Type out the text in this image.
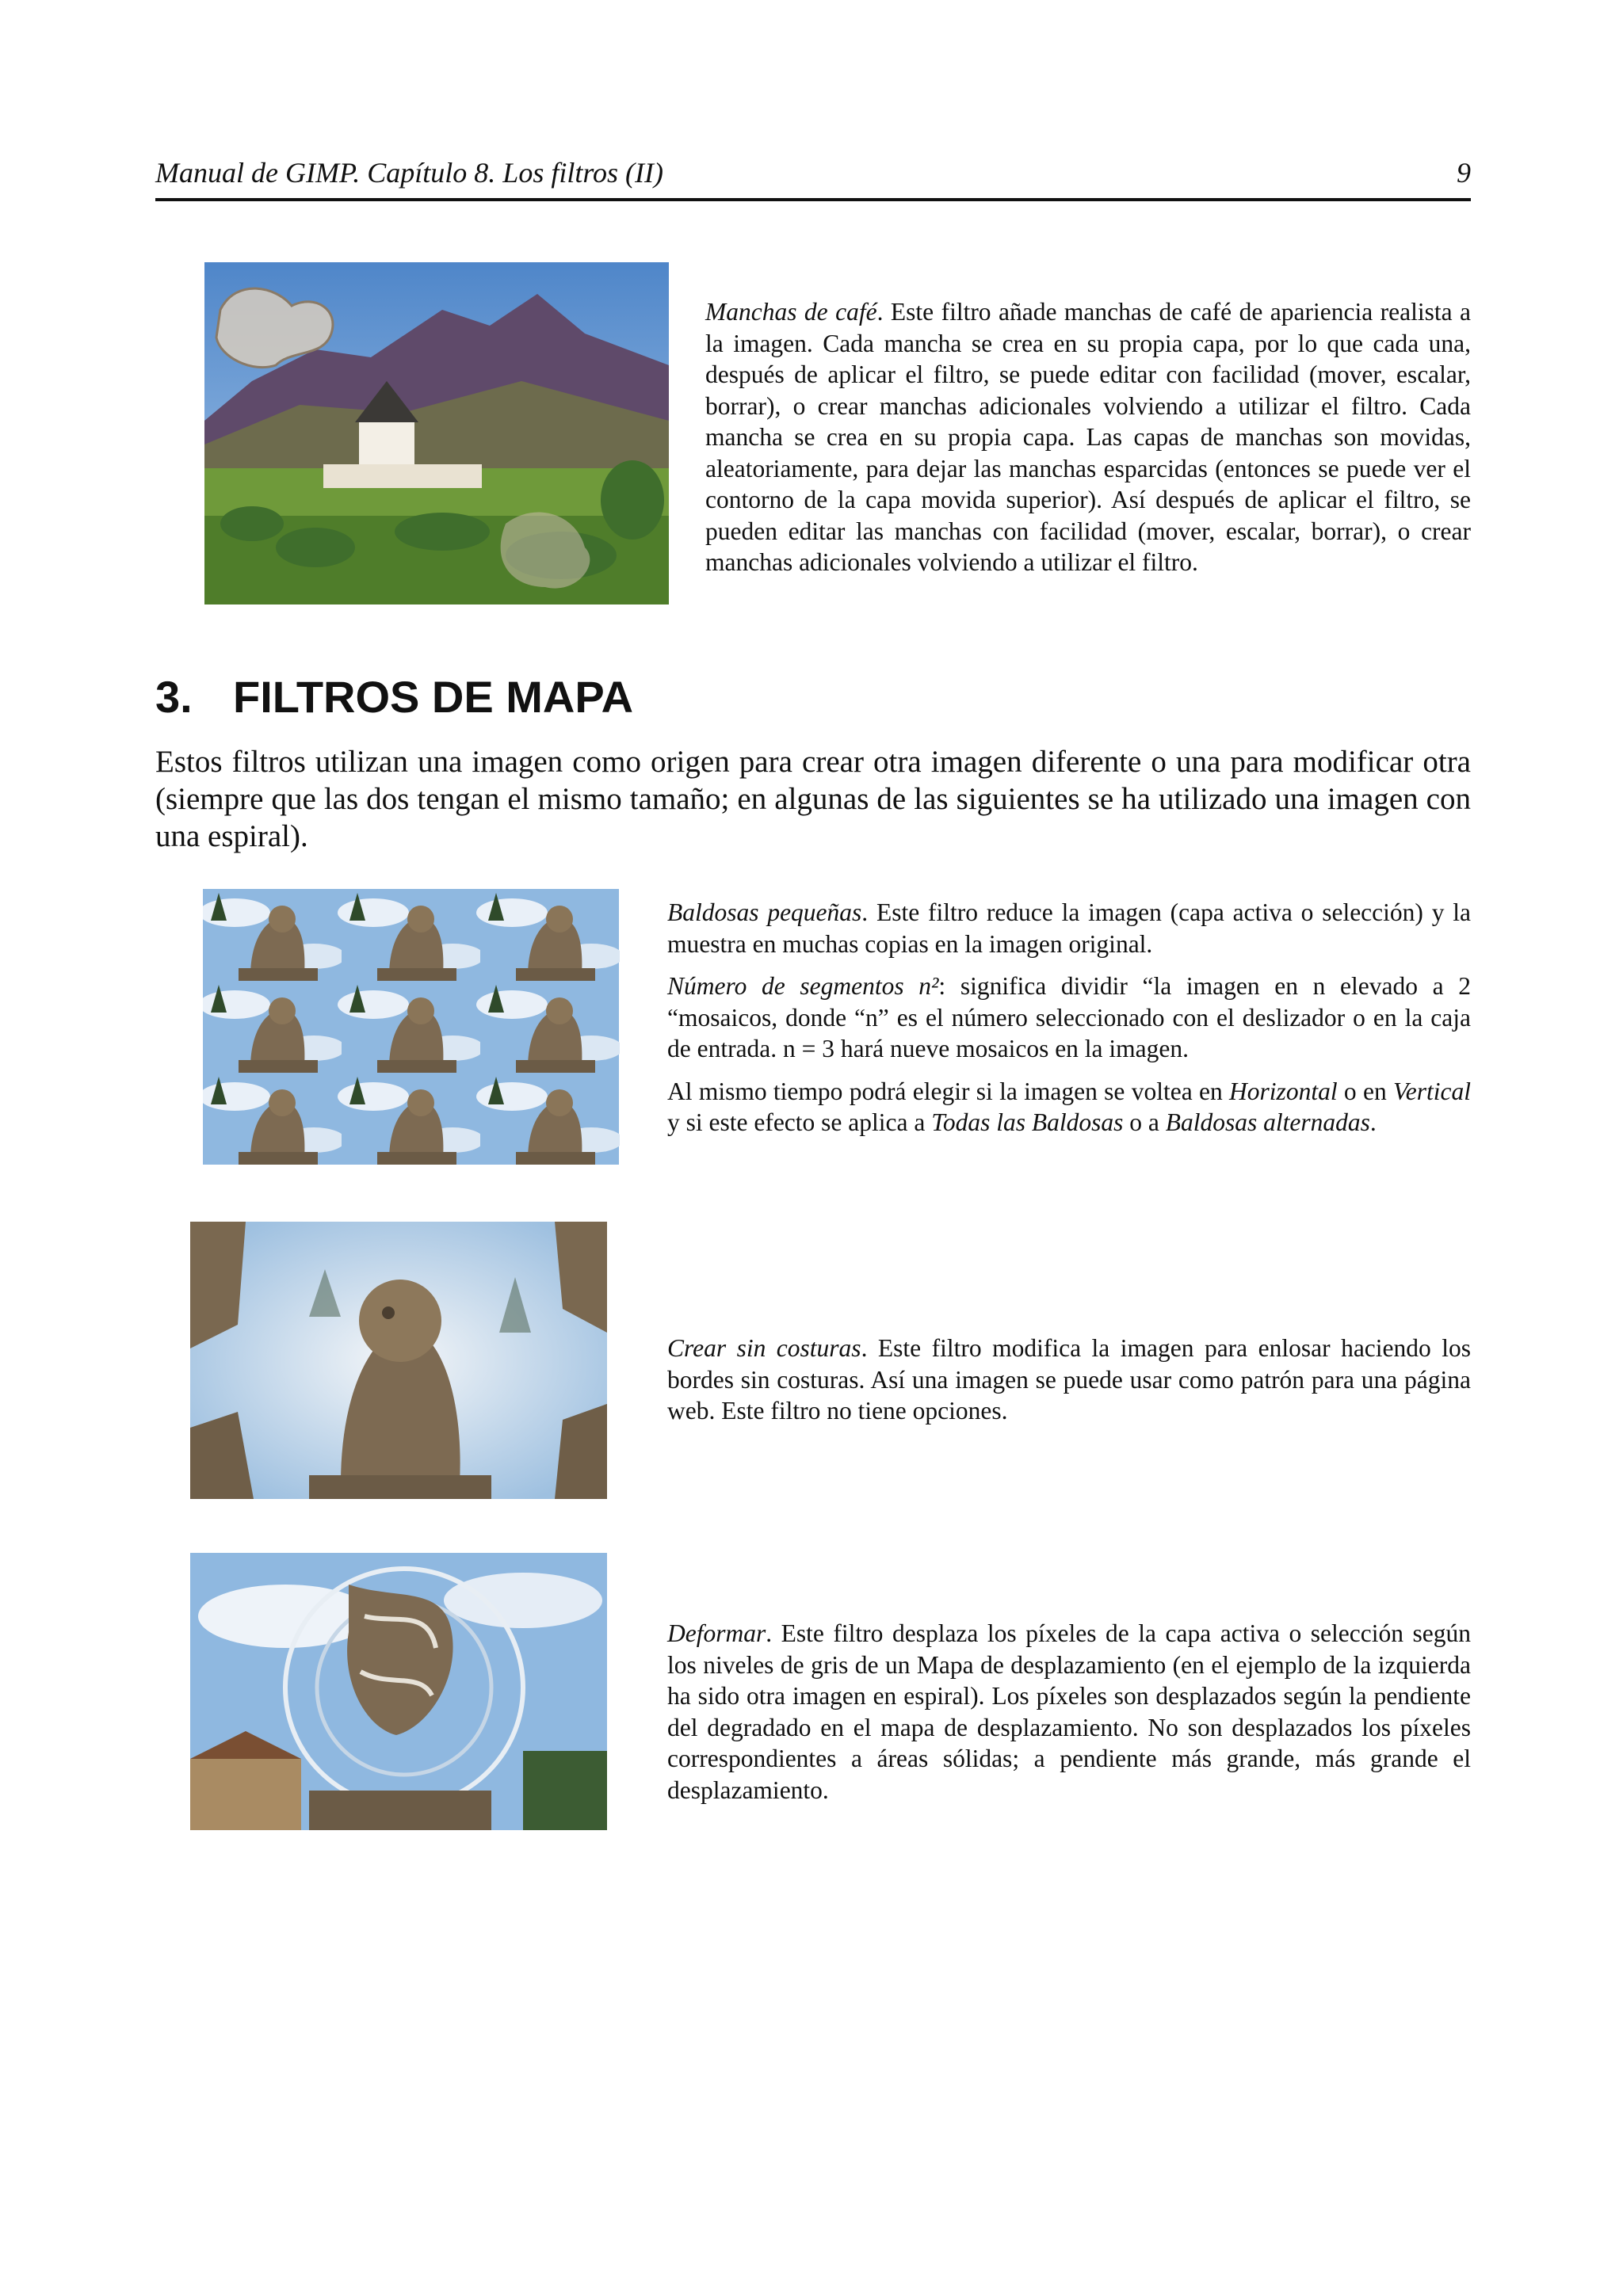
Manual de GIMP. Capítulo 8. Los filtros (II)	9

Manchas de café. Este filtro añade manchas de café de apariencia realista a la imagen. Cada mancha se crea en su propia capa, por lo que cada una, después de aplicar el filtro, se puede editar con facilidad (mover, escalar, borrar), o crear manchas adicionales volviendo a utilizar el filtro. Cada mancha se crea en su propia capa. Las capas de manchas son movidas, aleatoriamente, para dejar las manchas esparcidas (entonces se puede ver el contorno de la capa movida superior). Así después de aplicar el filtro, se pueden editar las manchas con facilidad (mover, escalar, borrar), o crear manchas adicionales volviendo a utilizar el filtro.

3. FILTROS DE MAPA
Estos filtros utilizan una imagen como origen para crear otra imagen diferente o una para modificar otra (siempre que las dos tengan el mismo tamaño; en algunas de las siguientes se ha utilizado una imagen con una espiral).

Baldosas pequeñas. Este filtro reduce la imagen (capa activa o selección) y la muestra en muchas copias en la imagen original.

Número de segmentos n²: significa dividir “la imagen en n elevado a 2 “mosaicos, donde “n” es el número seleccionado con el deslizador o en la caja de entrada. n = 3 hará nueve mosaicos en la imagen.

Al mismo tiempo podrá elegir si la imagen se voltea en Horizontal o en Vertical y si este efecto se aplica a Todas las Baldosas o a Baldosas alternadas.

Crear sin costuras. Este filtro modifica la imagen para enlosar haciendo los bordes sin costuras. Así una imagen se puede usar como patrón para una página web. Este filtro no tiene opciones.

Deformar. Este filtro desplaza los píxeles de la capa activa o selección según los niveles de gris de un Mapa de desplazamiento (en el ejemplo de la izquierda ha sido otra imagen en espiral). Los píxeles son desplazados según la pendiente del degradado en el mapa de desplazamiento. No son desplazados los píxeles correspondientes a áreas sólidas; a pendiente más grande, más grande el desplazamiento.
